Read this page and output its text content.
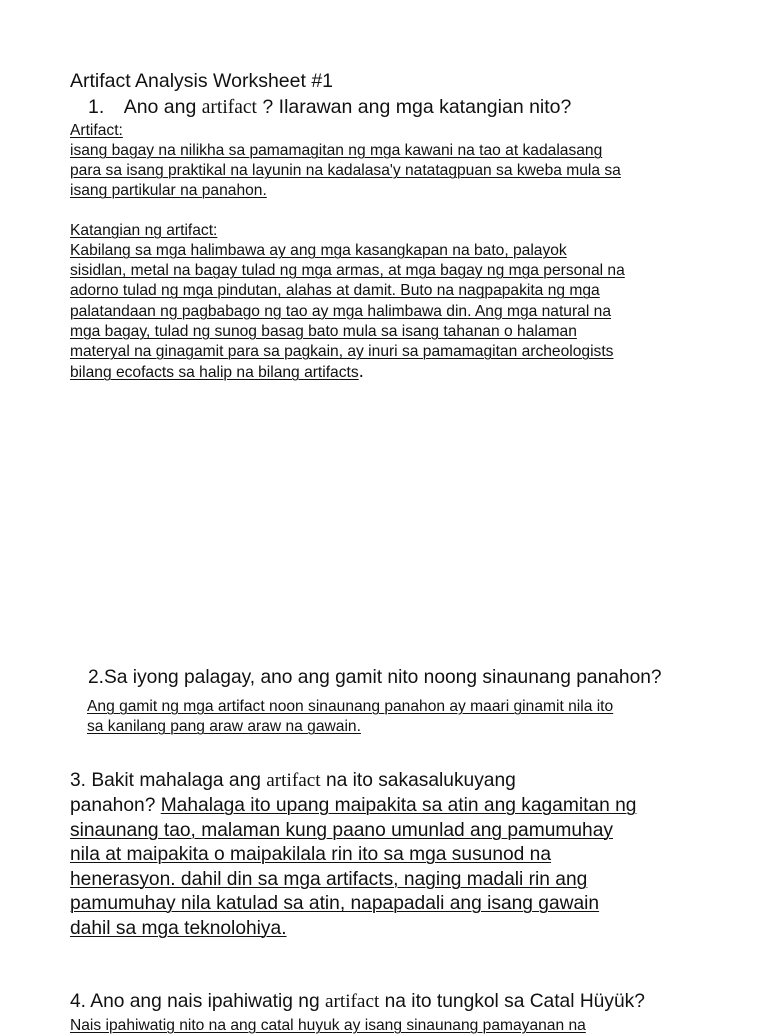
Artifact Analysis Worksheet #1
1. Ano ang artifact ? Ilarawan ang mga katangian nito?
Artifact:
isang bagay na nilikha sa pamamagitan ng mga kawani na tao at kadalasang
para sa isang praktikal na layunin na kadalasa'y natatagpuan sa kweba mula sa
isang partikular na panahon.
Katangian ng artifact:
Kabilang sa mga halimbawa ay ang mga kasangkapan na bato, palayok
sisidlan, metal na bagay tulad ng mga armas, at mga bagay ng mga personal na
adorno tulad ng mga pindutan, alahas at damit. Buto na nagpapakita ng mga
palatandaan ng pagbabago ng tao ay mga halimbawa din. Ang mga natural na
mga bagay, tulad ng sunog basag bato mula sa isang tahanan o halaman
materyal na ginagamit para sa pagkain, ay inuri sa pamamagitan archeologists
bilang ecofacts sa halip na bilang artifacts.
2.Sa iyong palagay, ano ang gamit nito noong sinaunang panahon?
Ang gamit ng mga artifact noon sinaunang panahon ay maari ginamit nila ito
sa kanilang pang araw araw na gawain.
3. Bakit mahalaga ang artifact na ito sakasalukuyang
panahon? Mahalaga ito upang maipakita sa atin ang kagamitan ng
sinaunang tao, malaman kung paano umunlad ang pamumuhay
nila at maipakita o maipakilala rin ito sa mga susunod na
henerasyon. dahil din sa mga artifacts, naging madali rin ang
pamumuhay nila katulad sa atin, napapadali ang isang gawain
dahil sa mga teknolohiya.
4. Ano ang nais ipahiwatig ng artifact na ito tungkol sa Catal Hüyük?
Nais ipahiwatig nito na ang catal huyuk ay isang sinaunang pamayanan na
